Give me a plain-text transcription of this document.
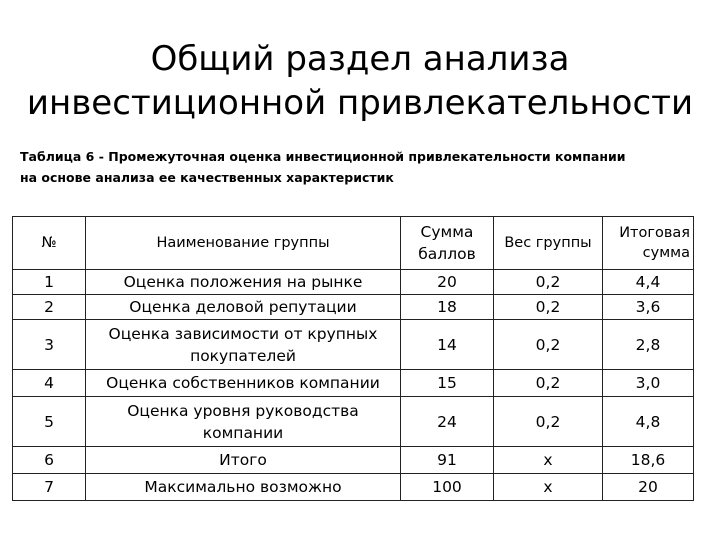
Общий раздел анализа
инвестиционной привлекательности
Таблица 6 - Промежуточная оценка инвестиционной привлекательности компании
на основе анализа ее качественных характеристик
№	Наименование группы	Сумма баллов	Вес группы	Итоговая сумма
1	Оценка положения на рынке	20	0,2	4,4
2	Оценка деловой репутации	18	0,2	3,6
3	Оценка зависимости от крупных покупателей	14	0,2	2,8
4	Оценка собственников компании	15	0,2	3,0
5	Оценка уровня руководства компании	24	0,2	4,8
6	Итого	91	х	18,6
7	Максимально возможно	100	х	20
